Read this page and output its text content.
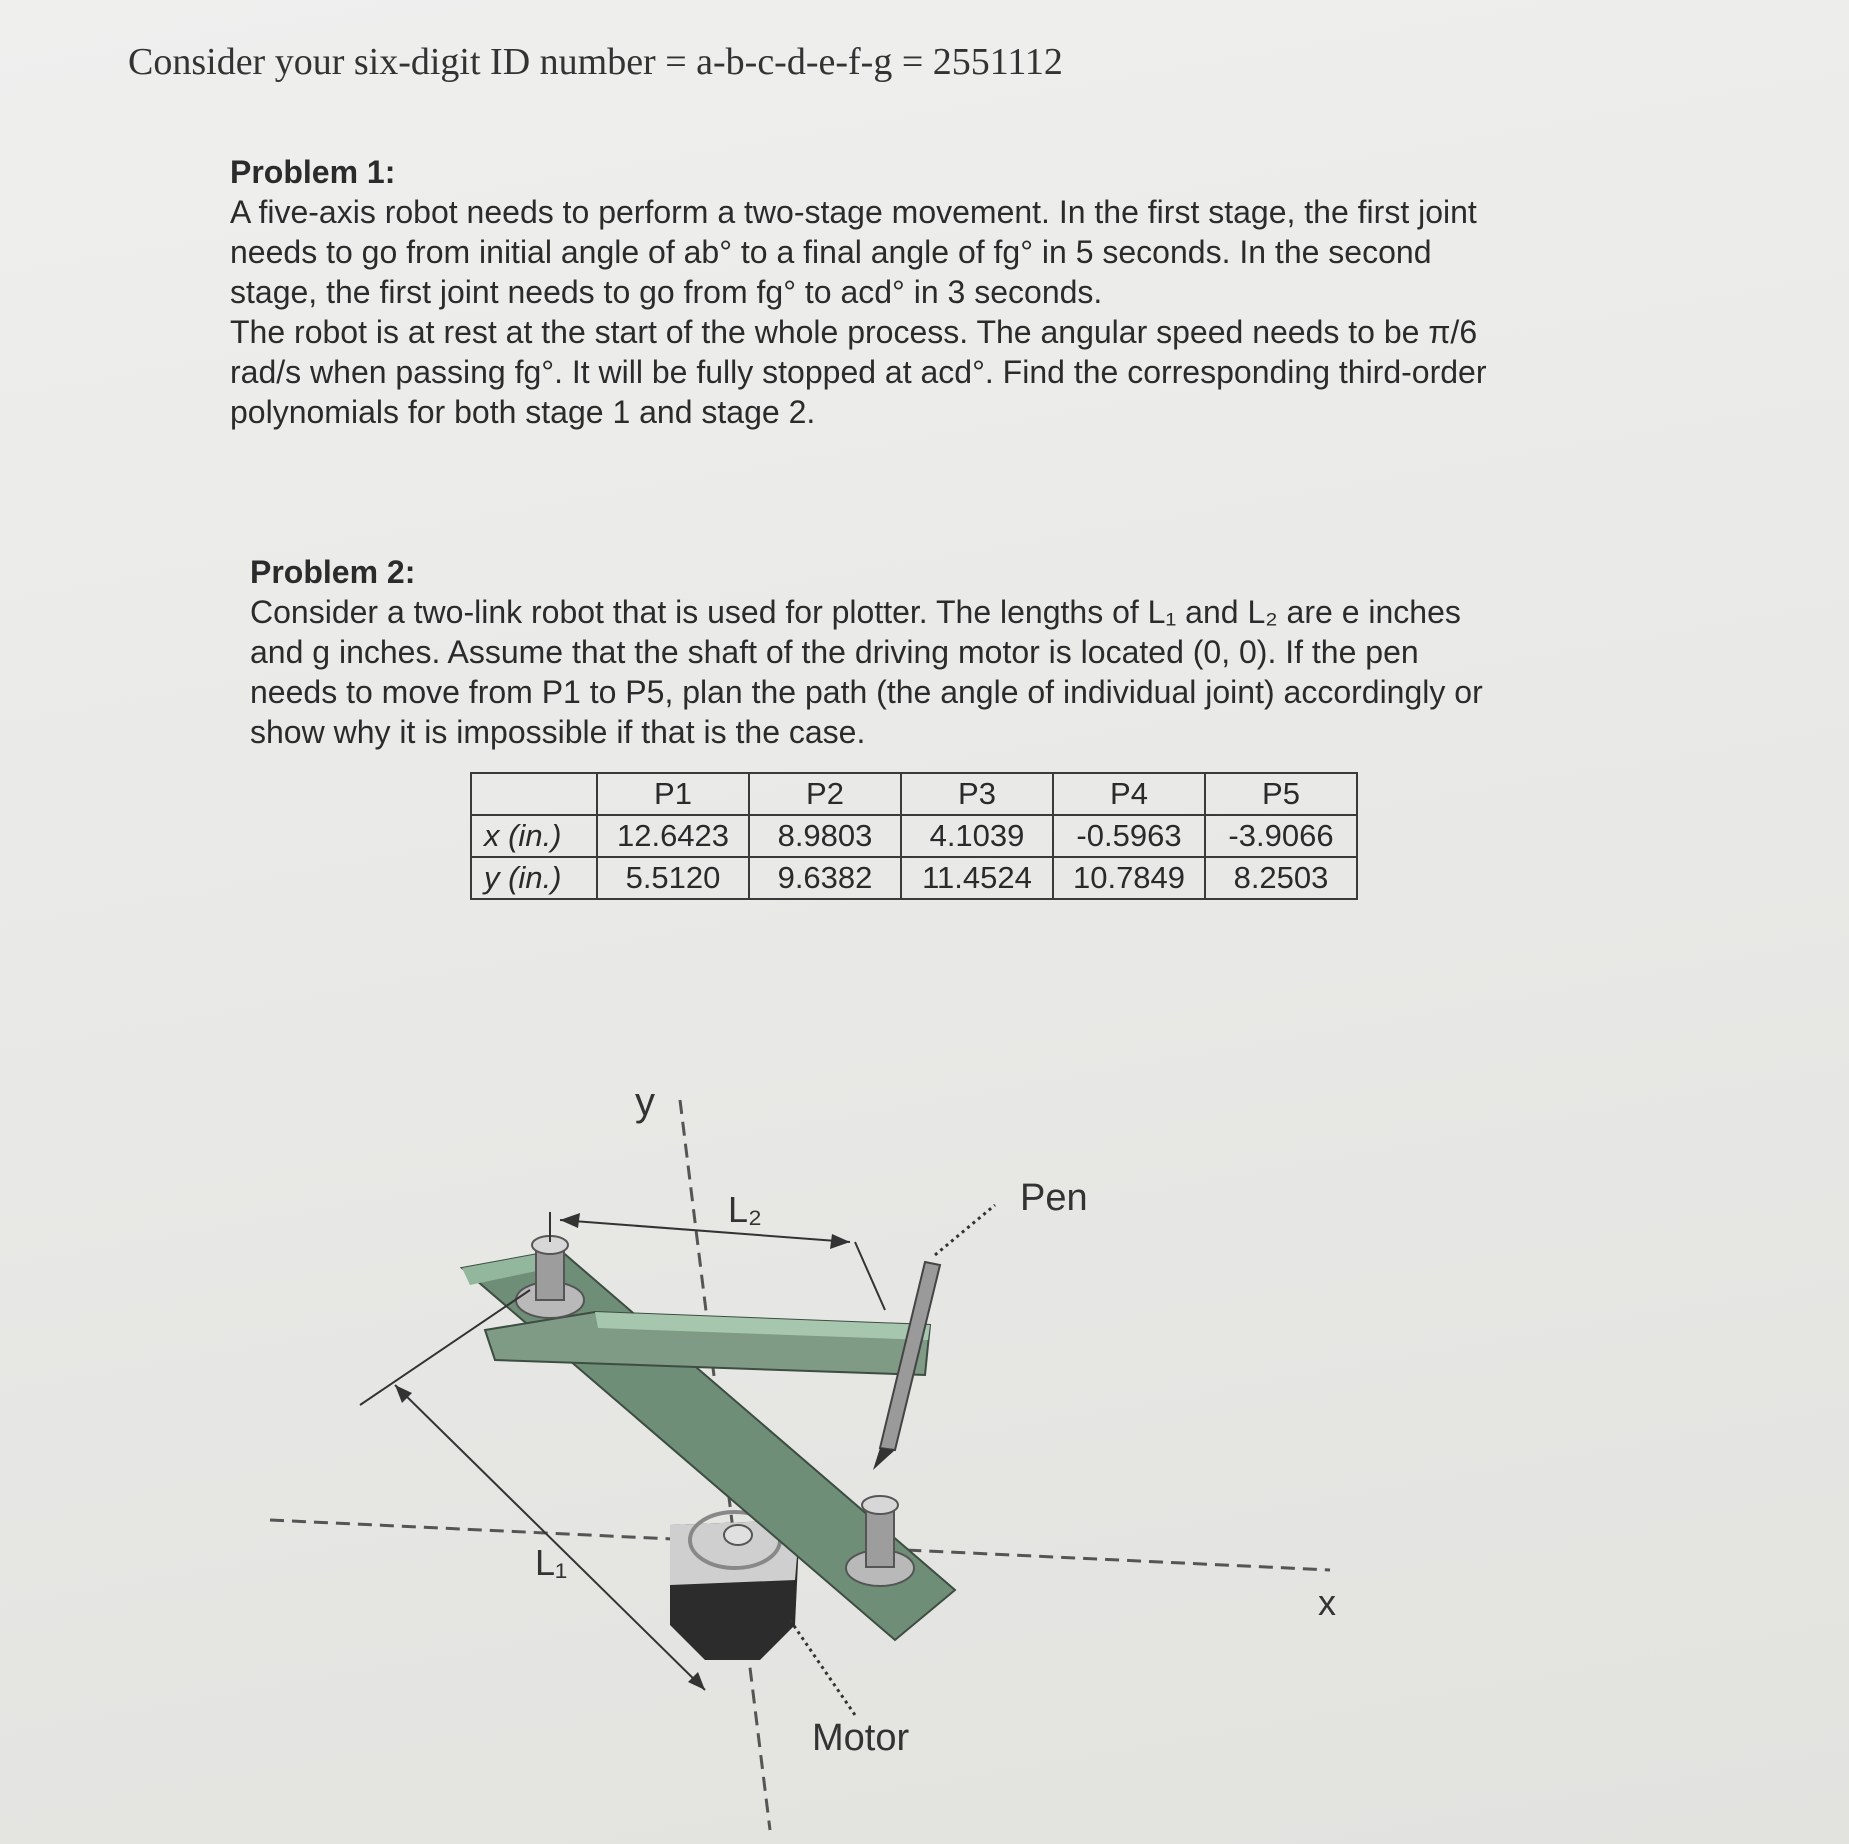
Consider your six-digit ID number = a-b-c-d-e-f-g = 2551112

Problem 1:

A five-axis robot needs to perform a two-stage movement. In the first stage, the first joint

needs to go from initial angle of ab° to a final angle of fg° in 5 seconds. In the second

stage, the first joint needs to go from fg° to acd° in 3 seconds.

The robot is at rest at the start of the whole process. The angular speed needs to be π/6

rad/s when passing fg°. It will be fully stopped at acd°. Find the corresponding third-order

polynomials for both stage 1 and stage 2.

Problem 2:

Consider a two-link robot that is used for plotter. The lengths of L₁ and L₂ are e inches

and g inches. Assume that the shaft of the driving motor is located (0, 0). If the pen

needs to move from P1 to P5, plan the path (the angle of individual joint) accordingly or

show why it is impossible if that is the case.

	P1	P2	P3	P4	P5
x (in.)	12.6423	8.9803	4.1039	-0.5963	-3.9066
y (in.)	5.5120	9.6382	11.4524	10.7849	8.2503
y
x
L₁
L₂	Pen
Motor
